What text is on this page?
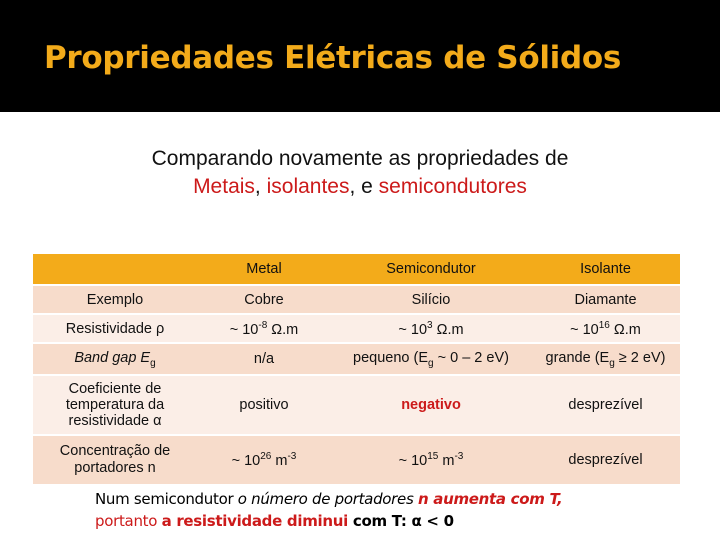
Propriedades Elétricas de Sólidos
Comparando novamente as propriedades de
Metais, isolantes, e semicondutores
	Metal	Semicondutor	Isolante
Exemplo	Cobre	Silício	Diamante
Resistividade ρ	~ $10^{-8}$ Ω.m	~ $10^3$ Ω.m	~ $10^{16}$ Ω.m
Band gap $E_g$	n/a	pequeno ($E_g$ ~ 0 – 2 eV)	grande ($E_g \ge 2$ eV)
Coeficiente de
temperatura da
resistividade α	positivo	negativo	desprezível
Concentração de
portadores n	~ $10^{26}$ $m^{-3}$	~ $10^{15}$ $m^{-3}$	desprezível
Num semicondutor o número de portadores n aumenta com T,
portanto a resistividade diminui com T: α < 0
